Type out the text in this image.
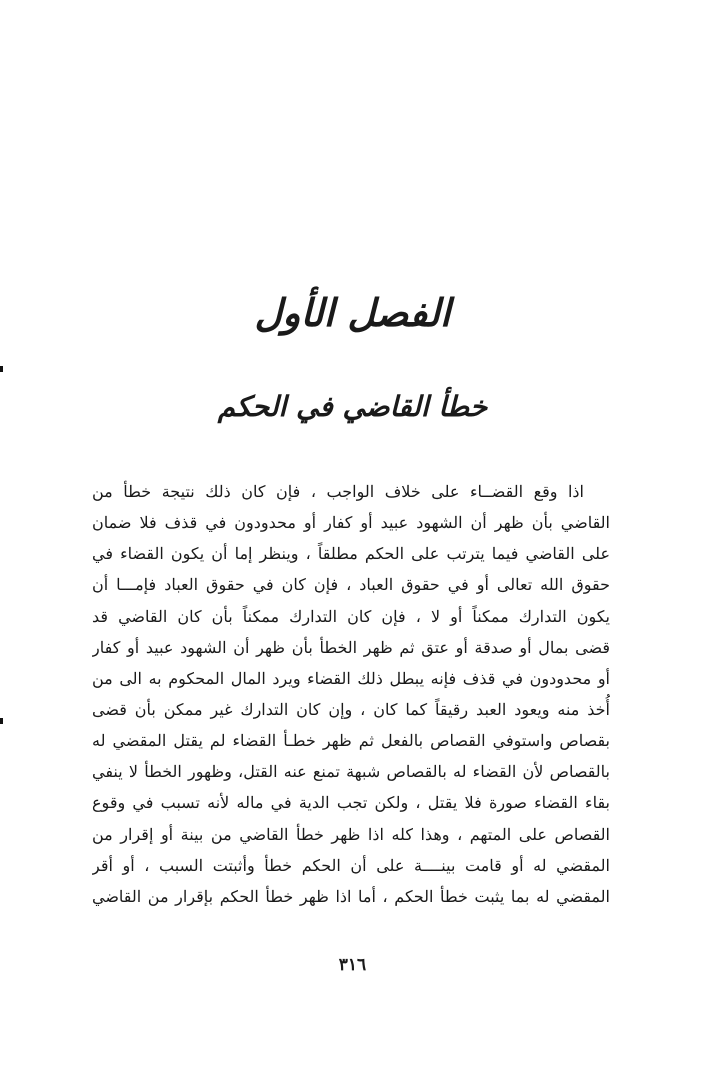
الفصل الأول
خطأ القاضي في الحكم
اذا وقع القضــاء على خلاف الواجب ، فإن كان ذلك نتيجة خطأ من
القاضي بأن ظهر أن الشهود عبيد أو كفار أو محدودون في قذف فلا ضمان
على القاضي فيما يترتب على الحكم مطلقاً ، وينظر إما أن يكون القضاء في
حقوق الله تعالى أو في حقوق العباد ، فإن كان في حقوق العباد فإمـــا أن
يكون التدارك ممكناً أو لا ، فإن كان التدارك ممكناً بأن كان القاضي قد
قضى بمال أو صدقة أو عتق ثم ظهر الخطأ بأن ظهر أن الشهود عبيد أو كفار
أو محدودون في قذف فإنه يبطل ذلك القضاء ويرد المال المحكوم به الى من
أُخذ منه ويعود العبد رقيقاً كما كان ، وإن كان التدارك غير ممكن بأن قضى
بقصاص واستوفي القصاص بالفعل ثم ظهر خطـأ القضاء لم يقتل المقضي له
بالقصاص لأن القضاء له بالقصاص شبهة تمنع عنه القتل، وظهور الخطأ لا ينفي
بقاء القضاء صورة فلا يقتل ، ولكن تجب الدية في ماله لأنه تسبب في وقوع
القصاص على المتهم ، وهذا كله اذا ظهر خطأ القاضي من بينة أو إقرار من
المقضي له أو قامت بينــــة على أن الحكم خطأ وأثبتت السبب ، أو أقر
المقضي له بما يثبت خطأ الحكم ، أما اذا ظهر خطأ الحكم بإقرار من القاضي
٣١٦
